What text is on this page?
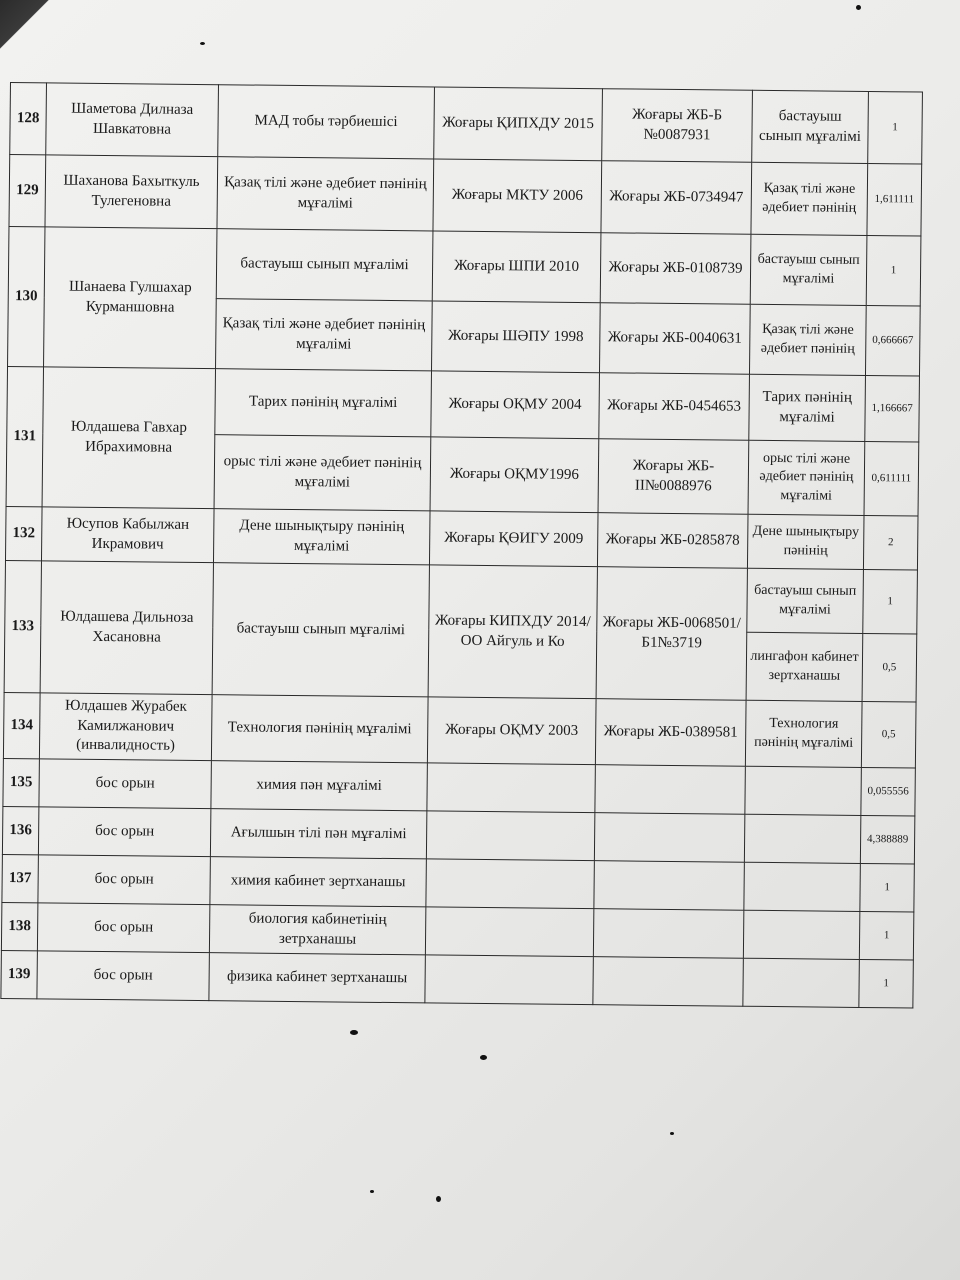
128	Шаметова Дилназа Шавкатовна	МАД тобы тәрбиешісі	Жоғары ҚИПХДУ 2015	Жоғары ЖБ-Б №0087931	бастауыш сынып мұғалімі	1
129	Шаханова Бахыткуль Тулегеновна	Қазақ тілі және әдебиет пәнінің мұғалімі	Жоғары МКТУ 2006	Жоғары ЖБ-0734947	Қазақ тілі және әдебиет пәнінің	1,611111
130	Шанаева Гулшахар Курманшовна	бастауыш сынып мұғалімі	Жоғары ШПИ 2010	Жоғары ЖБ-0108739	бастауыш сынып мұғалімі	1
		Қазақ тілі және әдебиет пәнінің мұғалімі	Жоғары ШӘПУ 1998	Жоғары ЖБ-0040631	Қазақ тілі және әдебиет пәнінің	0,666667
131	Юлдашева Гавхар Ибрахимовна	Тарих пәнінің мұғалімі	Жоғары ОҚМУ 2004	Жоғары ЖБ-0454653	Тарих пәнінің мұғалімі	1,166667
		орыс тілі және әдебиет пәнінің мұғалімі	Жоғары ОҚМУ1996	Жоғары ЖБ-ІІ№0088976	орыс тілі және әдебиет пәнінің мұғалімі	0,611111
132	Юсупов Кабылжан Икрамович	Дене шынықтыру пәнінің мұғалімі	Жоғары ҚӨИГУ 2009	Жоғары ЖБ-0285878	Дене шынықтыру пәнінің	2
133	Юлдашева Дильноза Хасановна	бастауыш сынып мұғалімі	Жоғары КИПХДУ 2014/ ОО Айгуль и Ко	Жоғары ЖБ-0068501/ Б1№3719	бастауыш сынып мұғалімі	1
					лингафон кабинет зертханашы	0,5
134	Юлдашев Журабек Камилжанович (инвалидность)	Технология пәнінің мұғалімі	Жоғары ОҚМУ 2003	Жоғары ЖБ-0389581	Технология пәнінің мұғалімі	0,5
135	бос орын	химия пән мұғалімі				0,055556
136	бос орын	Ағылшын тілі пән мұғалімі				4,388889
137	бос орын	химия кабинет зертханашы				1
138	бос орын	биология кабинетінің зетрханашы				1
139	бос орын	физика кабинет зертханашы				1
